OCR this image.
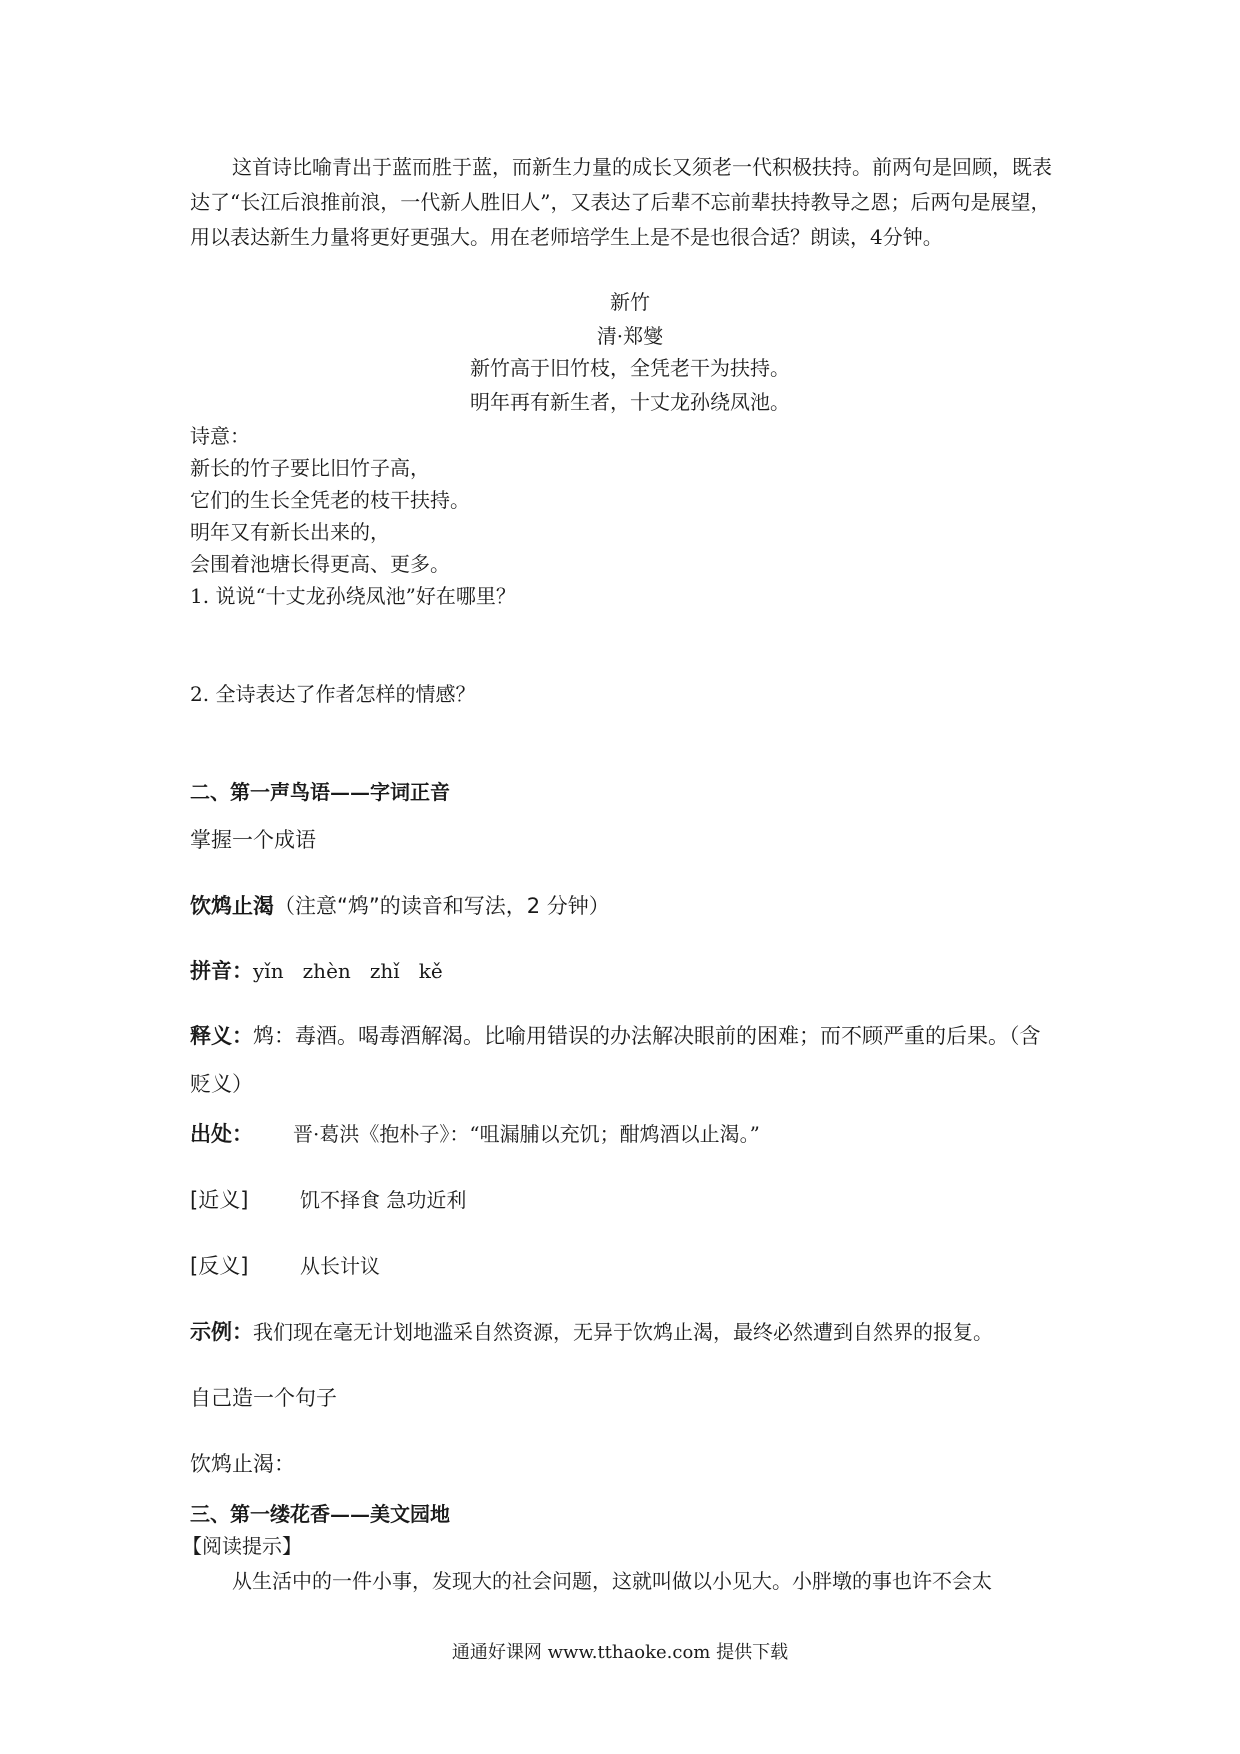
这首诗比喻青出于蓝而胜于蓝，而新生力量的成长又须老一代积极扶持。前两句是回顾，既表达了“长江后浪推前浪，一代新人胜旧人”，又表达了后辈不忘前辈扶持教导之恩；后两句是展望，用以表达新生力量将更好更强大。用在老师培学生上是不是也很合适？朗读，4分钟。

新竹
清·郑燮
新竹高于旧竹枝，全凭老干为扶持。
明年再有新生者，十丈龙孙绕凤池。
诗意：
新长的竹子要比旧竹子高，
它们的生长全凭老的枝干扶持。
明年又有新长出来的，
会围着池塘长得更高、更多。
1. 说说“十丈龙孙绕凤池”好在哪里？
2. 全诗表达了作者怎样的情感？
二、第一声鸟语——字词正音
掌握一个成语
饮鸩止渴（注意“鸩”的读音和写法，2 分钟）
拼音：yǐn   zhèn   zhǐ   kě
释义：鸩：毒酒。喝毒酒解渴。比喻用错误的办法解决眼前的困难；而不顾严重的后果。（含
贬义）
出处： 晋·葛洪《抱朴子》：“咀漏脯以充饥；酣鸩酒以止渴。”
[近义]	饥不择食 急功近利
[反义]	从长计议
示例：我们现在毫无计划地滥采自然资源，无异于饮鸩止渴，最终必然遭到自然界的报复。
自己造一个句子
饮鸩止渴：
三、第一缕花香——美文园地
【阅读提示】
从生活中的一件小事，发现大的社会问题，这就叫做以小见大。小胖墩的事也许不会太
通通好课网 www.tthaoke.com 提供下载
